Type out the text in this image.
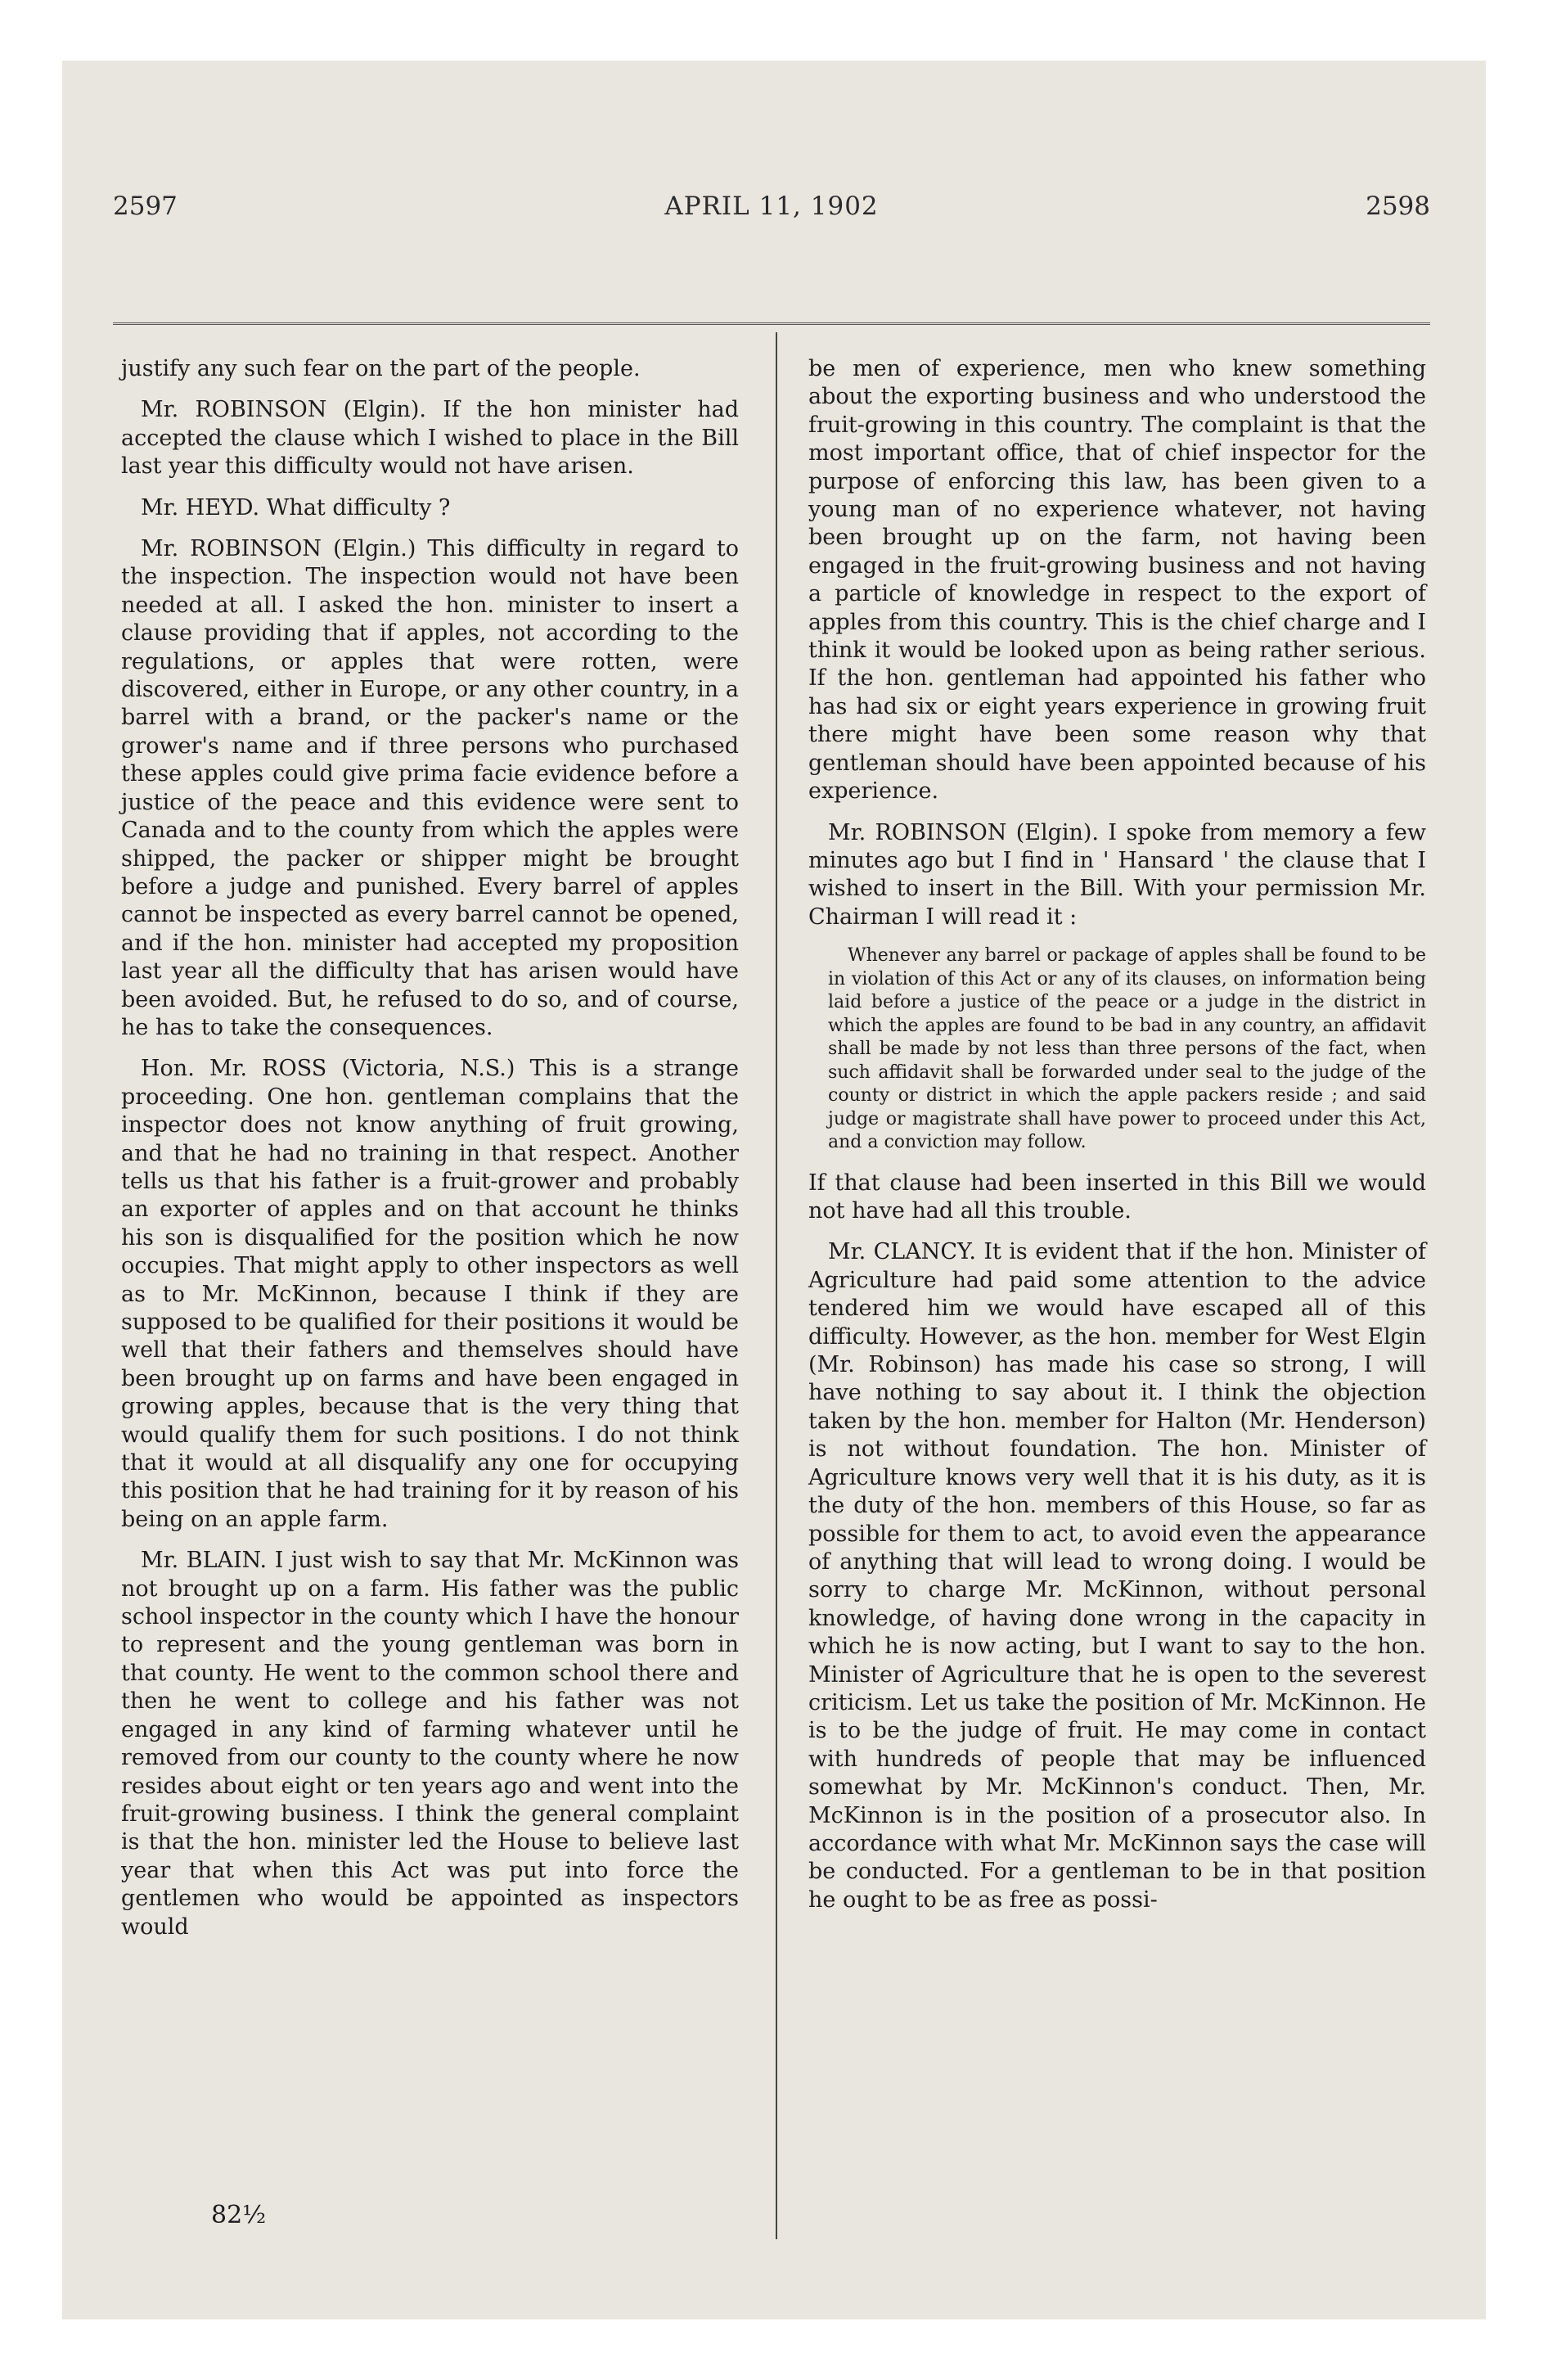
2597	APRIL 11, 1902	2598

justify any such fear on the part of the people.

Mr. ROBINSON (Elgin). If the hon minister had accepted the clause which I wished to place in the Bill last year this difficulty would not have arisen.

Mr. HEYD. What difficulty ?

Mr. ROBINSON (Elgin.) This difficulty in regard to the inspection. The inspection would not have been needed at all. I asked the hon. minister to insert a clause providing that if apples, not according to the regulations, or apples that were rotten, were discovered, either in Europe, or any other country, in a barrel with a brand, or the packer's name or the grower's name and if three persons who purchased these apples could give prima facie evidence before a justice of the peace and this evidence were sent to Canada and to the county from which the apples were shipped, the packer or shipper might be brought before a judge and punished. Every barrel of apples cannot be inspected as every barrel cannot be opened, and if the hon. minister had accepted my proposition last year all the difficulty that has arisen would have been avoided. But, he refused to do so, and of course, he has to take the consequences.

Hon. Mr. ROSS (Victoria, N.S.) This is a strange proceeding. One hon. gentleman complains that the inspector does not know anything of fruit growing, and that he had no training in that respect. Another tells us that his father is a fruit-grower and probably an exporter of apples and on that account he thinks his son is disqualified for the position which he now occupies. That might apply to other inspectors as well as to Mr. McKinnon, because I think if they are supposed to be qualified for their positions it would be well that their fathers and themselves should have been brought up on farms and have been engaged in growing apples, because that is the very thing that would qualify them for such positions. I do not think that it would at all disqualify any one for occupying this position that he had training for it by reason of his being on an apple farm.

Mr. BLAIN. I just wish to say that Mr. McKinnon was not brought up on a farm. His father was the public school inspector in the county which I have the honour to represent and the young gentleman was born in that county. He went to the common school there and then he went to college and his father was not engaged in any kind of farming whatever until he removed from our county to the county where he now resides about eight or ten years ago and went into the fruit-growing business. I think the general complaint is that the hon. minister led the House to believe last year that when this Act was put into force the gentlemen who would be appointed as inspectors would

be men of experience, men who knew something about the exporting business and who understood the fruit-growing in this country. The complaint is that the most important office, that of chief inspector for the purpose of enforcing this law, has been given to a young man of no experience whatever, not having been brought up on the farm, not having been engaged in the fruit-growing business and not having a particle of knowledge in respect to the export of apples from this country. This is the chief charge and I think it would be looked upon as being rather serious. If the hon. gentleman had appointed his father who has had six or eight years experience in growing fruit there might have been some reason why that gentleman should have been appointed because of his experience.

Mr. ROBINSON (Elgin). I spoke from memory a few minutes ago but I find in ' Hansard ' the clause that I wished to insert in the Bill. With your permission Mr. Chairman I will read it :

Whenever any barrel or package of apples shall be found to be in violation of this Act or any of its clauses, on information being laid before a justice of the peace or a judge in the district in which the apples are found to be bad in any country, an affidavit shall be made by not less than three persons of the fact, when such affidavit shall be forwarded under seal to the judge of the county or district in which the apple packers reside ; and said judge or magistrate shall have power to proceed under this Act, and a conviction may follow.

If that clause had been inserted in this Bill we would not have had all this trouble.

Mr. CLANCY. It is evident that if the hon. Minister of Agriculture had paid some attention to the advice tendered him we would have escaped all of this difficulty. However, as the hon. member for West Elgin (Mr. Robinson) has made his case so strong, I will have nothing to say about it. I think the objection taken by the hon. member for Halton (Mr. Henderson) is not without foundation. The hon. Minister of Agriculture knows very well that it is his duty, as it is the duty of the hon. members of this House, so far as possible for them to act, to avoid even the appearance of anything that will lead to wrong doing. I would be sorry to charge Mr. McKinnon, without personal knowledge, of having done wrong in the capacity in which he is now acting, but I want to say to the hon. Minister of Agriculture that he is open to the severest criticism. Let us take the position of Mr. McKinnon. He is to be the judge of fruit. He may come in contact with hundreds of people that may be influenced somewhat by Mr. McKinnon's conduct. Then, Mr. McKinnon is in the position of a prosecutor also. In accordance with what Mr. McKinnon says the case will be conducted. For a gentleman to be in that position he ought to be as free as possi-

82½
